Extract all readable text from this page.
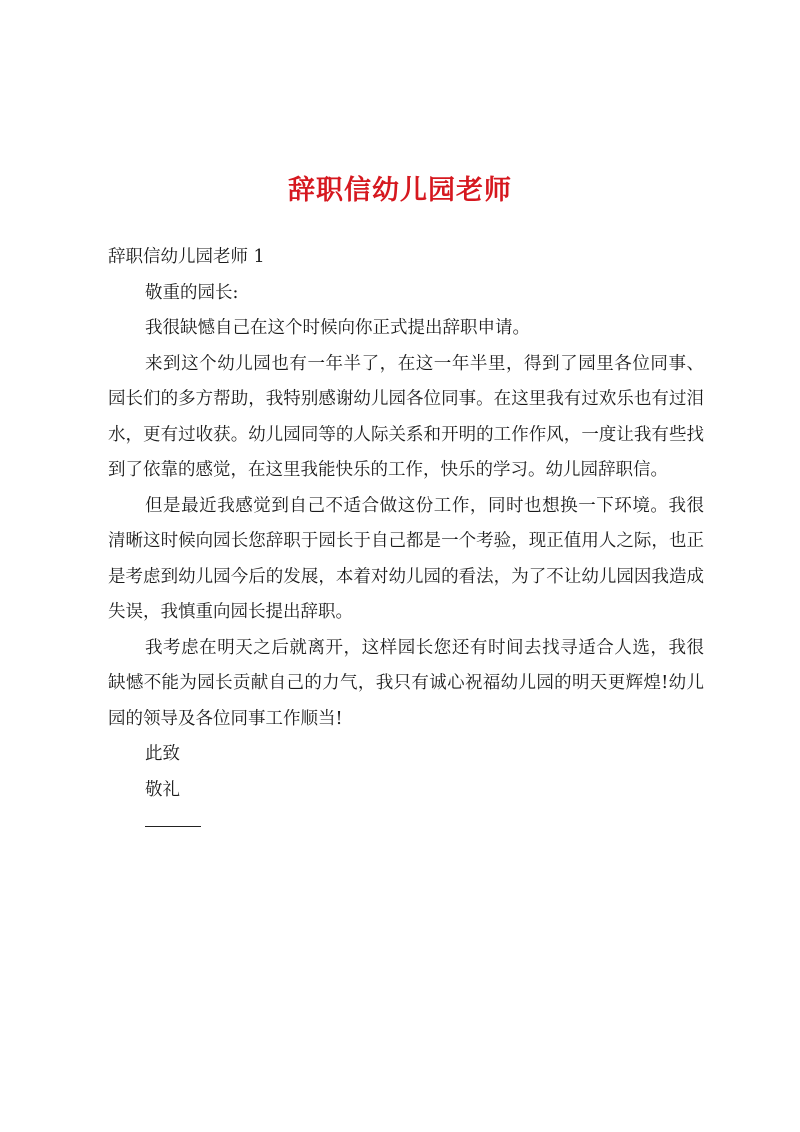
辞职信幼儿园老师

辞职信幼儿园老师 1

敬重的园长:

我很缺憾自己在这个时候向你正式提出辞职申请。

来到这个幼儿园也有一年半了，在这一年半里，得到了园里各位同事、园长们的多方帮助，我特别感谢幼儿园各位同事。在这里我有过欢乐也有过泪水，更有过收获。幼儿园同等的人际关系和开明的工作作风，一度让我有些找到了依靠的感觉，在这里我能快乐的工作，快乐的学习。幼儿园辞职信。

但是最近我感觉到自己不适合做这份工作，同时也想换一下环境。我很清晰这时候向园长您辞职于园长于自己都是一个考验，现正值用人之际，也正是考虑到幼儿园今后的发展，本着对幼儿园的看法，为了不让幼儿园因我造成失误，我慎重向园长提出辞职。

我考虑在明天之后就离开，这样园长您还有时间去找寻适合人选，我很缺憾不能为园长贡献自己的力气，我只有诚心祝福幼儿园的明天更辉煌!幼儿园的领导及各位同事工作顺当!

此致

敬礼
